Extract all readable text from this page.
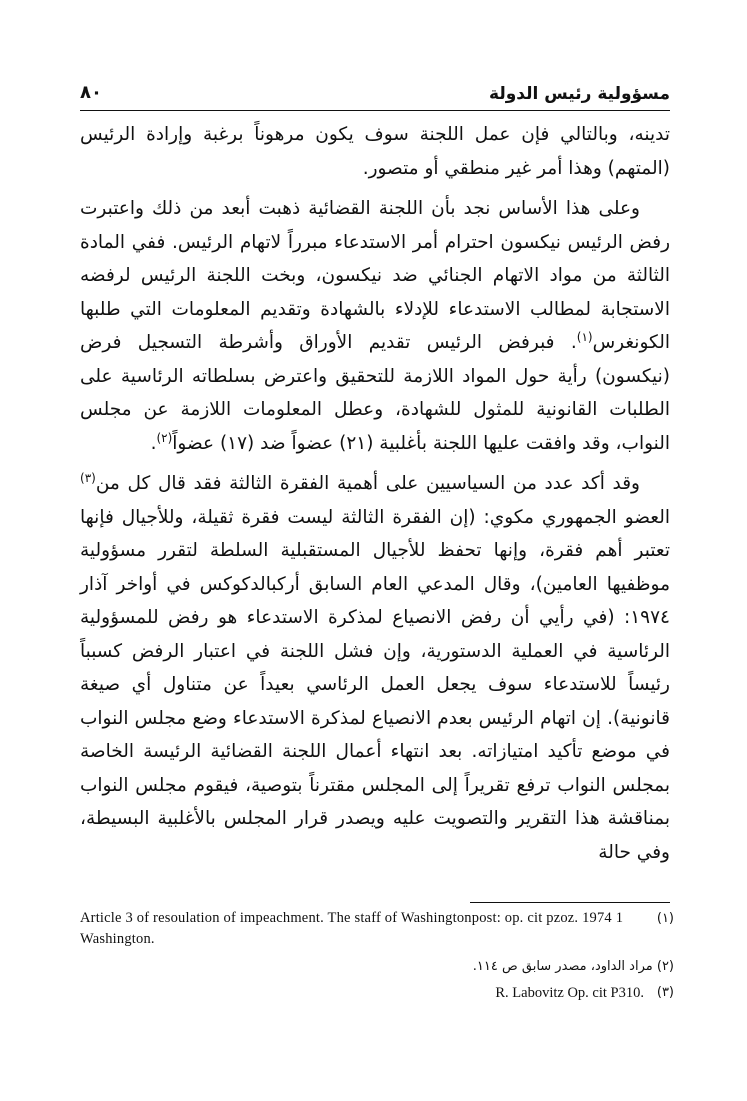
مسؤولية رئيس الدولة
٨٠

تدينه، وبالتالي فإن عمل اللجنة سوف يكون مرهوناً برغبة وإرادة الرئيس (المتهم) وهذا أمر غير منطقي أو متصور.

وعلى هذا الأساس نجد بأن اللجنة القضائية ذهبت أبعد من ذلك واعتبرت رفض الرئيس نيكسون احترام أمر الاستدعاء مبرراً لاتهام الرئيس. ففي المادة الثالثة من مواد الاتهام الجنائي ضد نيكسون، وبخت اللجنة الرئيس لرفضه الاستجابة لمطالب الاستدعاء للإدلاء بالشهادة وتقديم المعلومات التي طلبها الكونغرس$^{(١)}$. فبرفض الرئيس تقديم الأوراق وأشرطة التسجيل فرض (نيكسون) رأية حول المواد اللازمة للتحقيق واعترض بسلطاته الرئاسية على الطلبات القانونية للمثول للشهادة، وعطل المعلومات اللازمة عن مجلس النواب، وقد وافقت عليها اللجنة بأغلبية (٢١) عضواً ضد (١٧) عضواً$^{(٢)}$.

وقد أكد عدد من السياسيين على أهمية الفقرة الثالثة فقد قال كل من$^{(٣)}$ العضو الجمهوري مكوي: (إن الفقرة الثالثة ليست فقرة ثقيلة، وللأجيال فإنها تعتبر أهم فقرة، وإنها تحفظ للأجيال المستقبلية السلطة لتقرر مسؤولية موظفيها العامين)، وقال المدعي العام السابق أركبالدكوكس في أواخر آذار ١٩٧٤: (في رأيي أن رفض الانصياع لمذكرة الاستدعاء هو رفض للمسؤولية الرئاسية في العملية الدستورية، وإن فشل اللجنة في اعتبار الرفض كسبباً رئيساً للاستدعاء سوف يجعل العمل الرئاسي بعيداً عن متناول أي صيغة قانونية). إن اتهام الرئيس بعدم الانصياع لمذكرة الاستدعاء وضع مجلس النواب في موضع تأكيد امتيازاته. بعد انتهاء أعمال اللجنة القضائية الرئيسة الخاصة بمجلس النواب ترفع تقريراً إلى المجلس مقترناً بتوصية، فيقوم مجلس النواب بمناقشة هذا التقرير والتصويت عليه ويصدر قرار المجلس بالأغلبية البسيطة، وفي حالة

(١)
Article 3 of resoulation of impeachment. The staff of Washingtonpost: op. cit pzoz. 1974 1 Washington.
(٢) مراد الداود، مصدر سابق ص ١١٤.
(٣)
R. Labovitz Op. cit P310.
